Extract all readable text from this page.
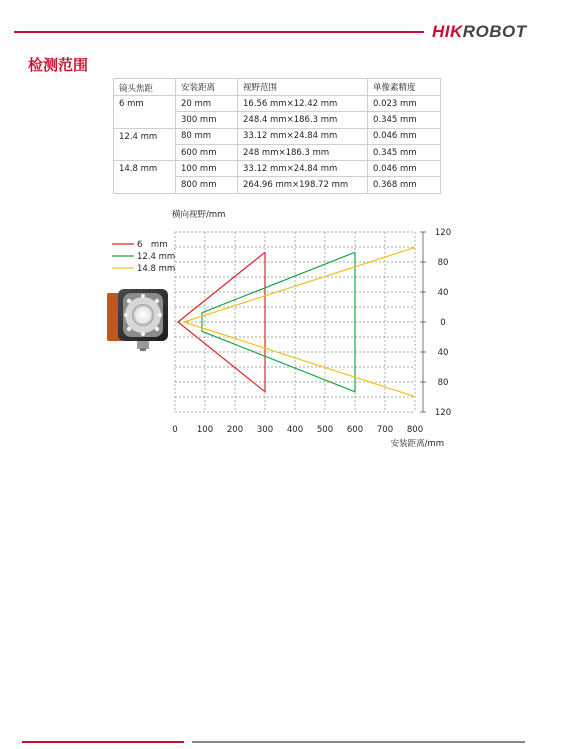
HIKROBOT
检测范围
镜头焦距	安装距离	视野范围	单像素精度
6 mm	20 mm	16.56 mm×12.42 mm	0.023 mm
	300 mm	248.4 mm×186.3 mm	0.345 mm
12.4 mm	80 mm	33.12 mm×24.84 mm	0.046 mm
	600 mm	248 mm×186.3 mm	0.345 mm
14.8 mm	100 mm	33.12 mm×24.84 mm	0.046 mm
	800 mm	264.96 mm×198.72 mm	0.368 mm
120
80
40
0
40
80
120
0 100 200 300 400 500 600 700 800
横向视野/mm
安装距离/mm
6　mm
12.4 mm
14.8 mm
